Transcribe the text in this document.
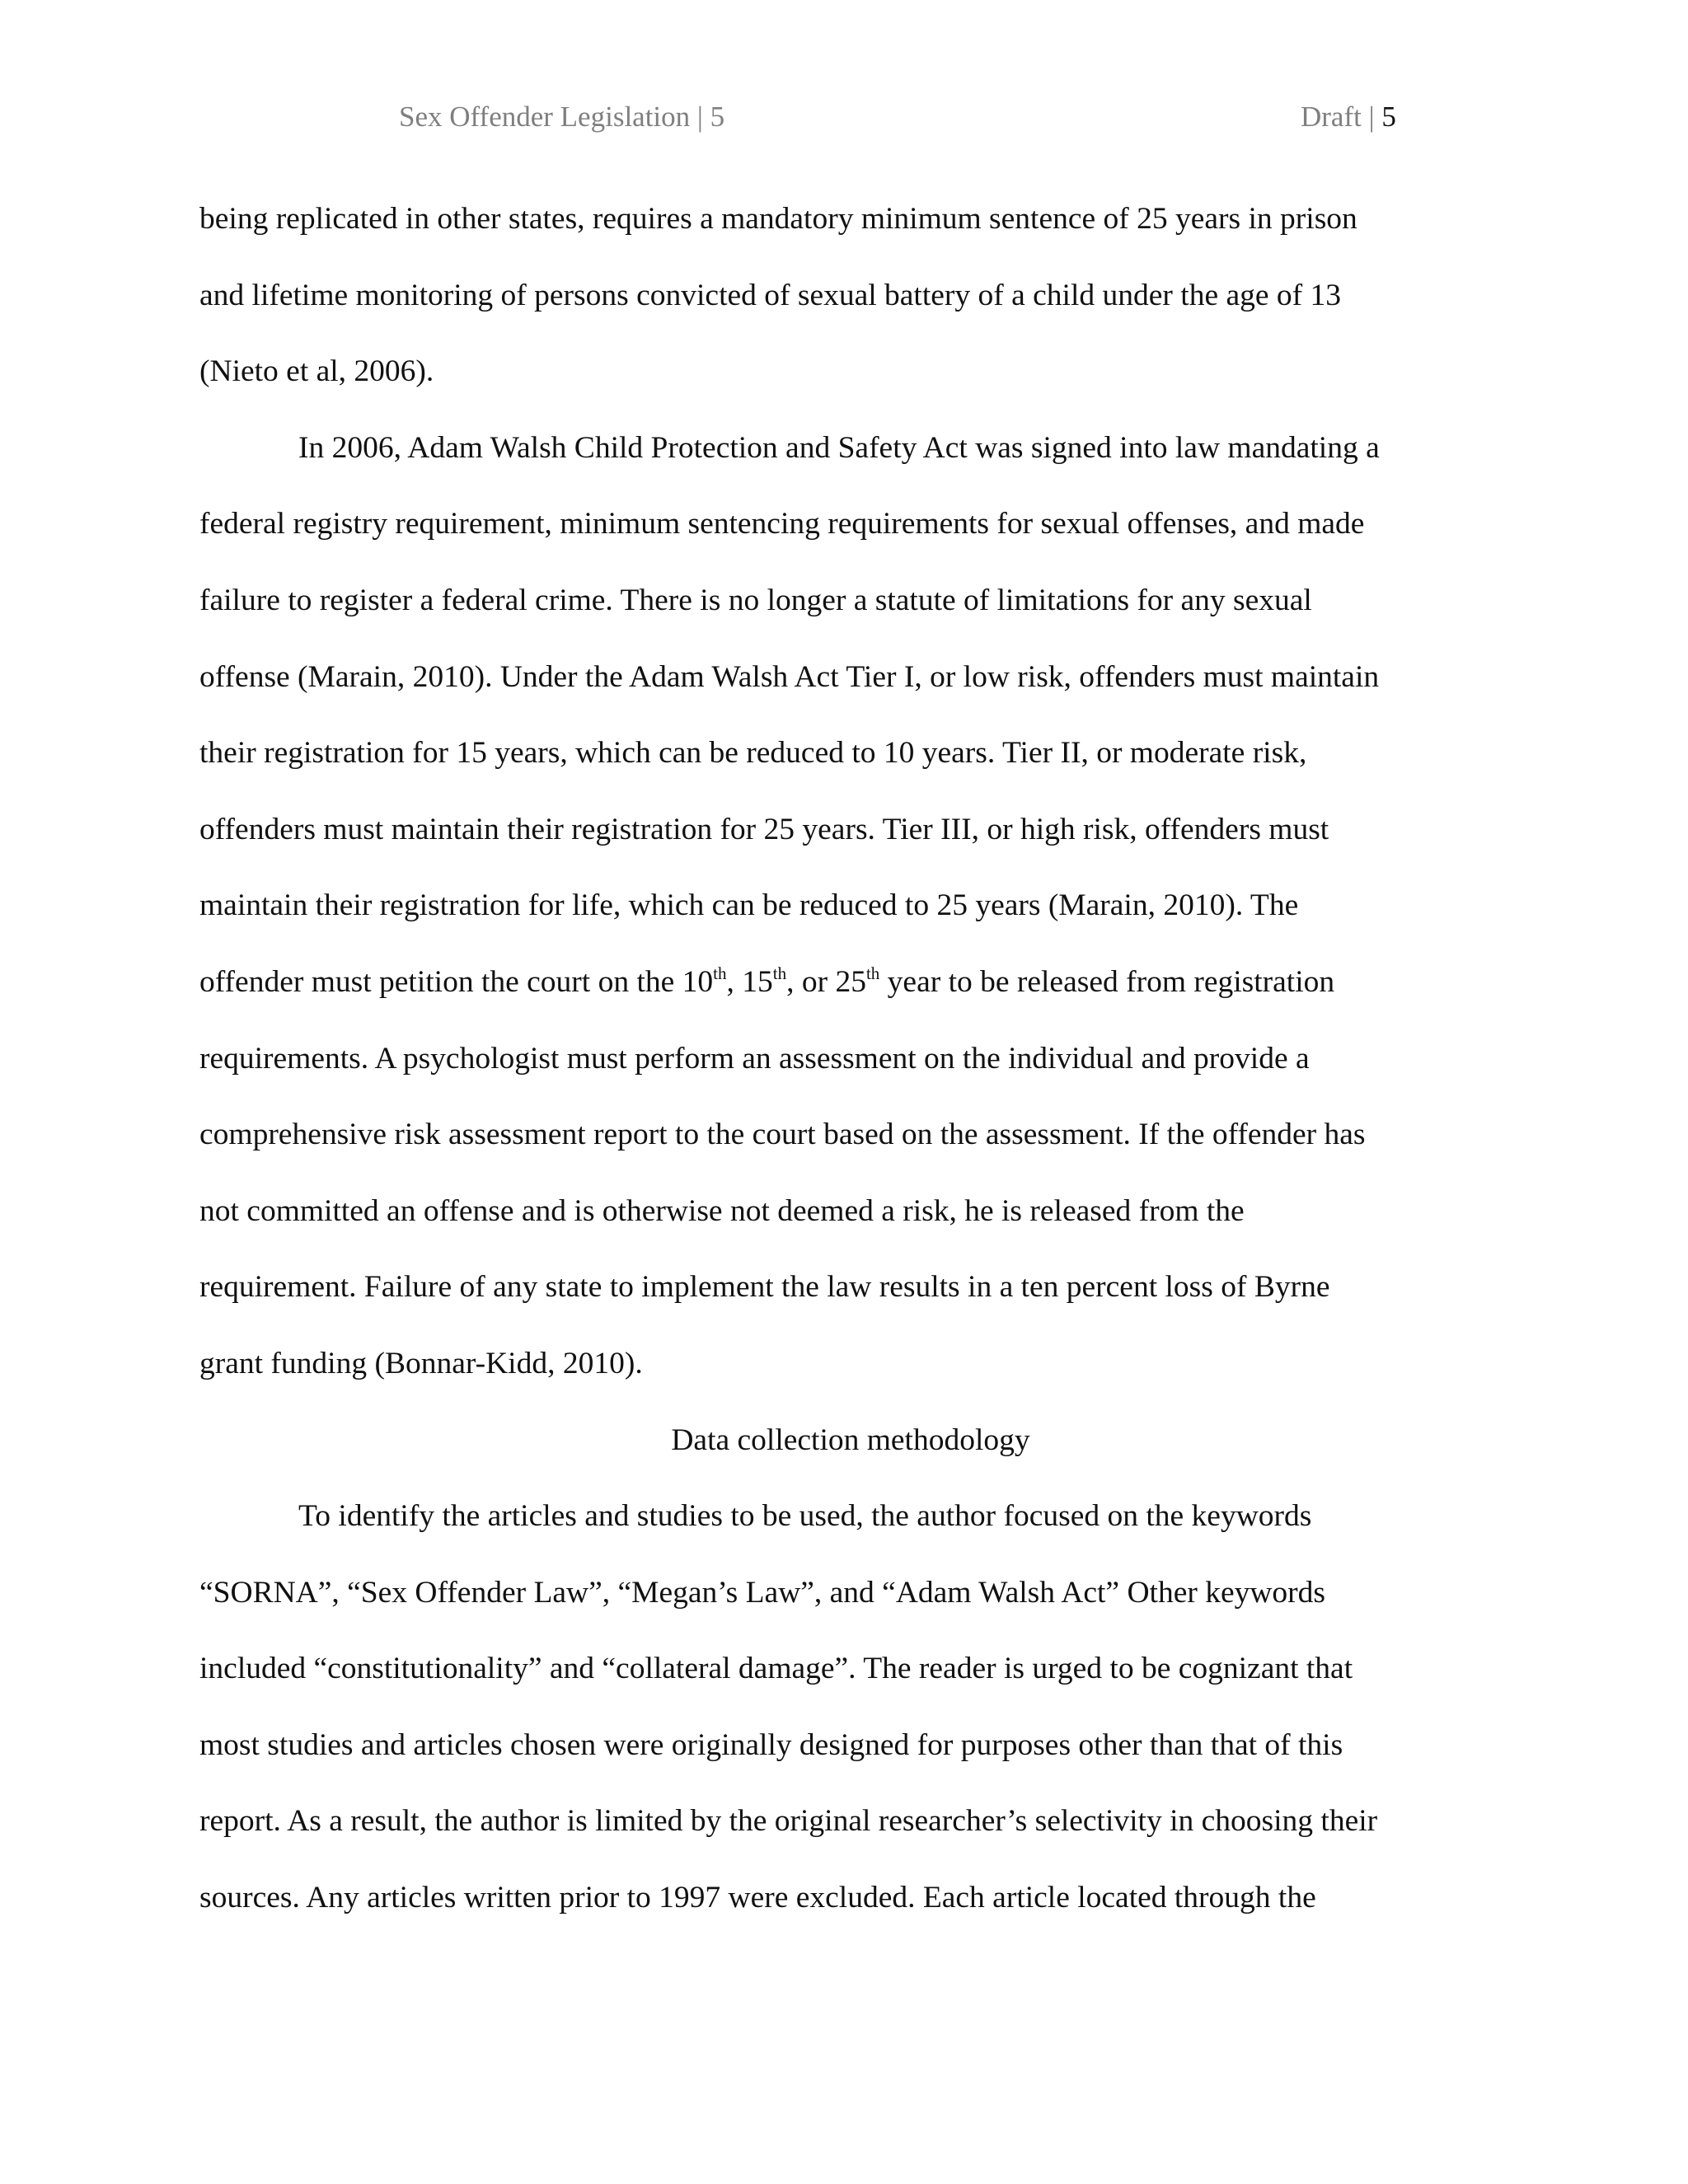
Sex Offender Legislation | 5	Draft | 5
being replicated in other states, requires a mandatory minimum sentence of 25 years in prison
and lifetime monitoring of persons convicted of sexual battery of a child under the age of 13
(Nieto et al, 2006).
In 2006, Adam Walsh Child Protection and Safety Act was signed into law mandating a
federal registry requirement, minimum sentencing requirements for sexual offenses, and made
failure to register a federal crime. There is no longer a statute of limitations for any sexual
offense (Marain, 2010). Under the Adam Walsh Act Tier I, or low risk, offenders must maintain
their registration for 15 years, which can be reduced to 10 years. Tier II, or moderate risk,
offenders must maintain their registration for 25 years. Tier III, or high risk, offenders must
maintain their registration for life, which can be reduced to 25 years (Marain, 2010). The
offender must petition the court on the 10th, 15th, or 25th year to be released from registration
requirements. A psychologist must perform an assessment on the individual and provide a
comprehensive risk assessment report to the court based on the assessment. If the offender has
not committed an offense and is otherwise not deemed a risk, he is released from the
requirement. Failure of any state to implement the law results in a ten percent loss of Byrne
grant funding (Bonnar-Kidd, 2010).
Data collection methodology
To identify the articles and studies to be used, the author focused on the keywords
“SORNA”, “Sex Offender Law”, “Megan’s Law”, and “Adam Walsh Act” Other keywords
included “constitutionality” and “collateral damage”. The reader is urged to be cognizant that
most studies and articles chosen were originally designed for purposes other than that of this
report. As a result, the author is limited by the original researcher’s selectivity in choosing their
sources. Any articles written prior to 1997 were excluded. Each article located through the
